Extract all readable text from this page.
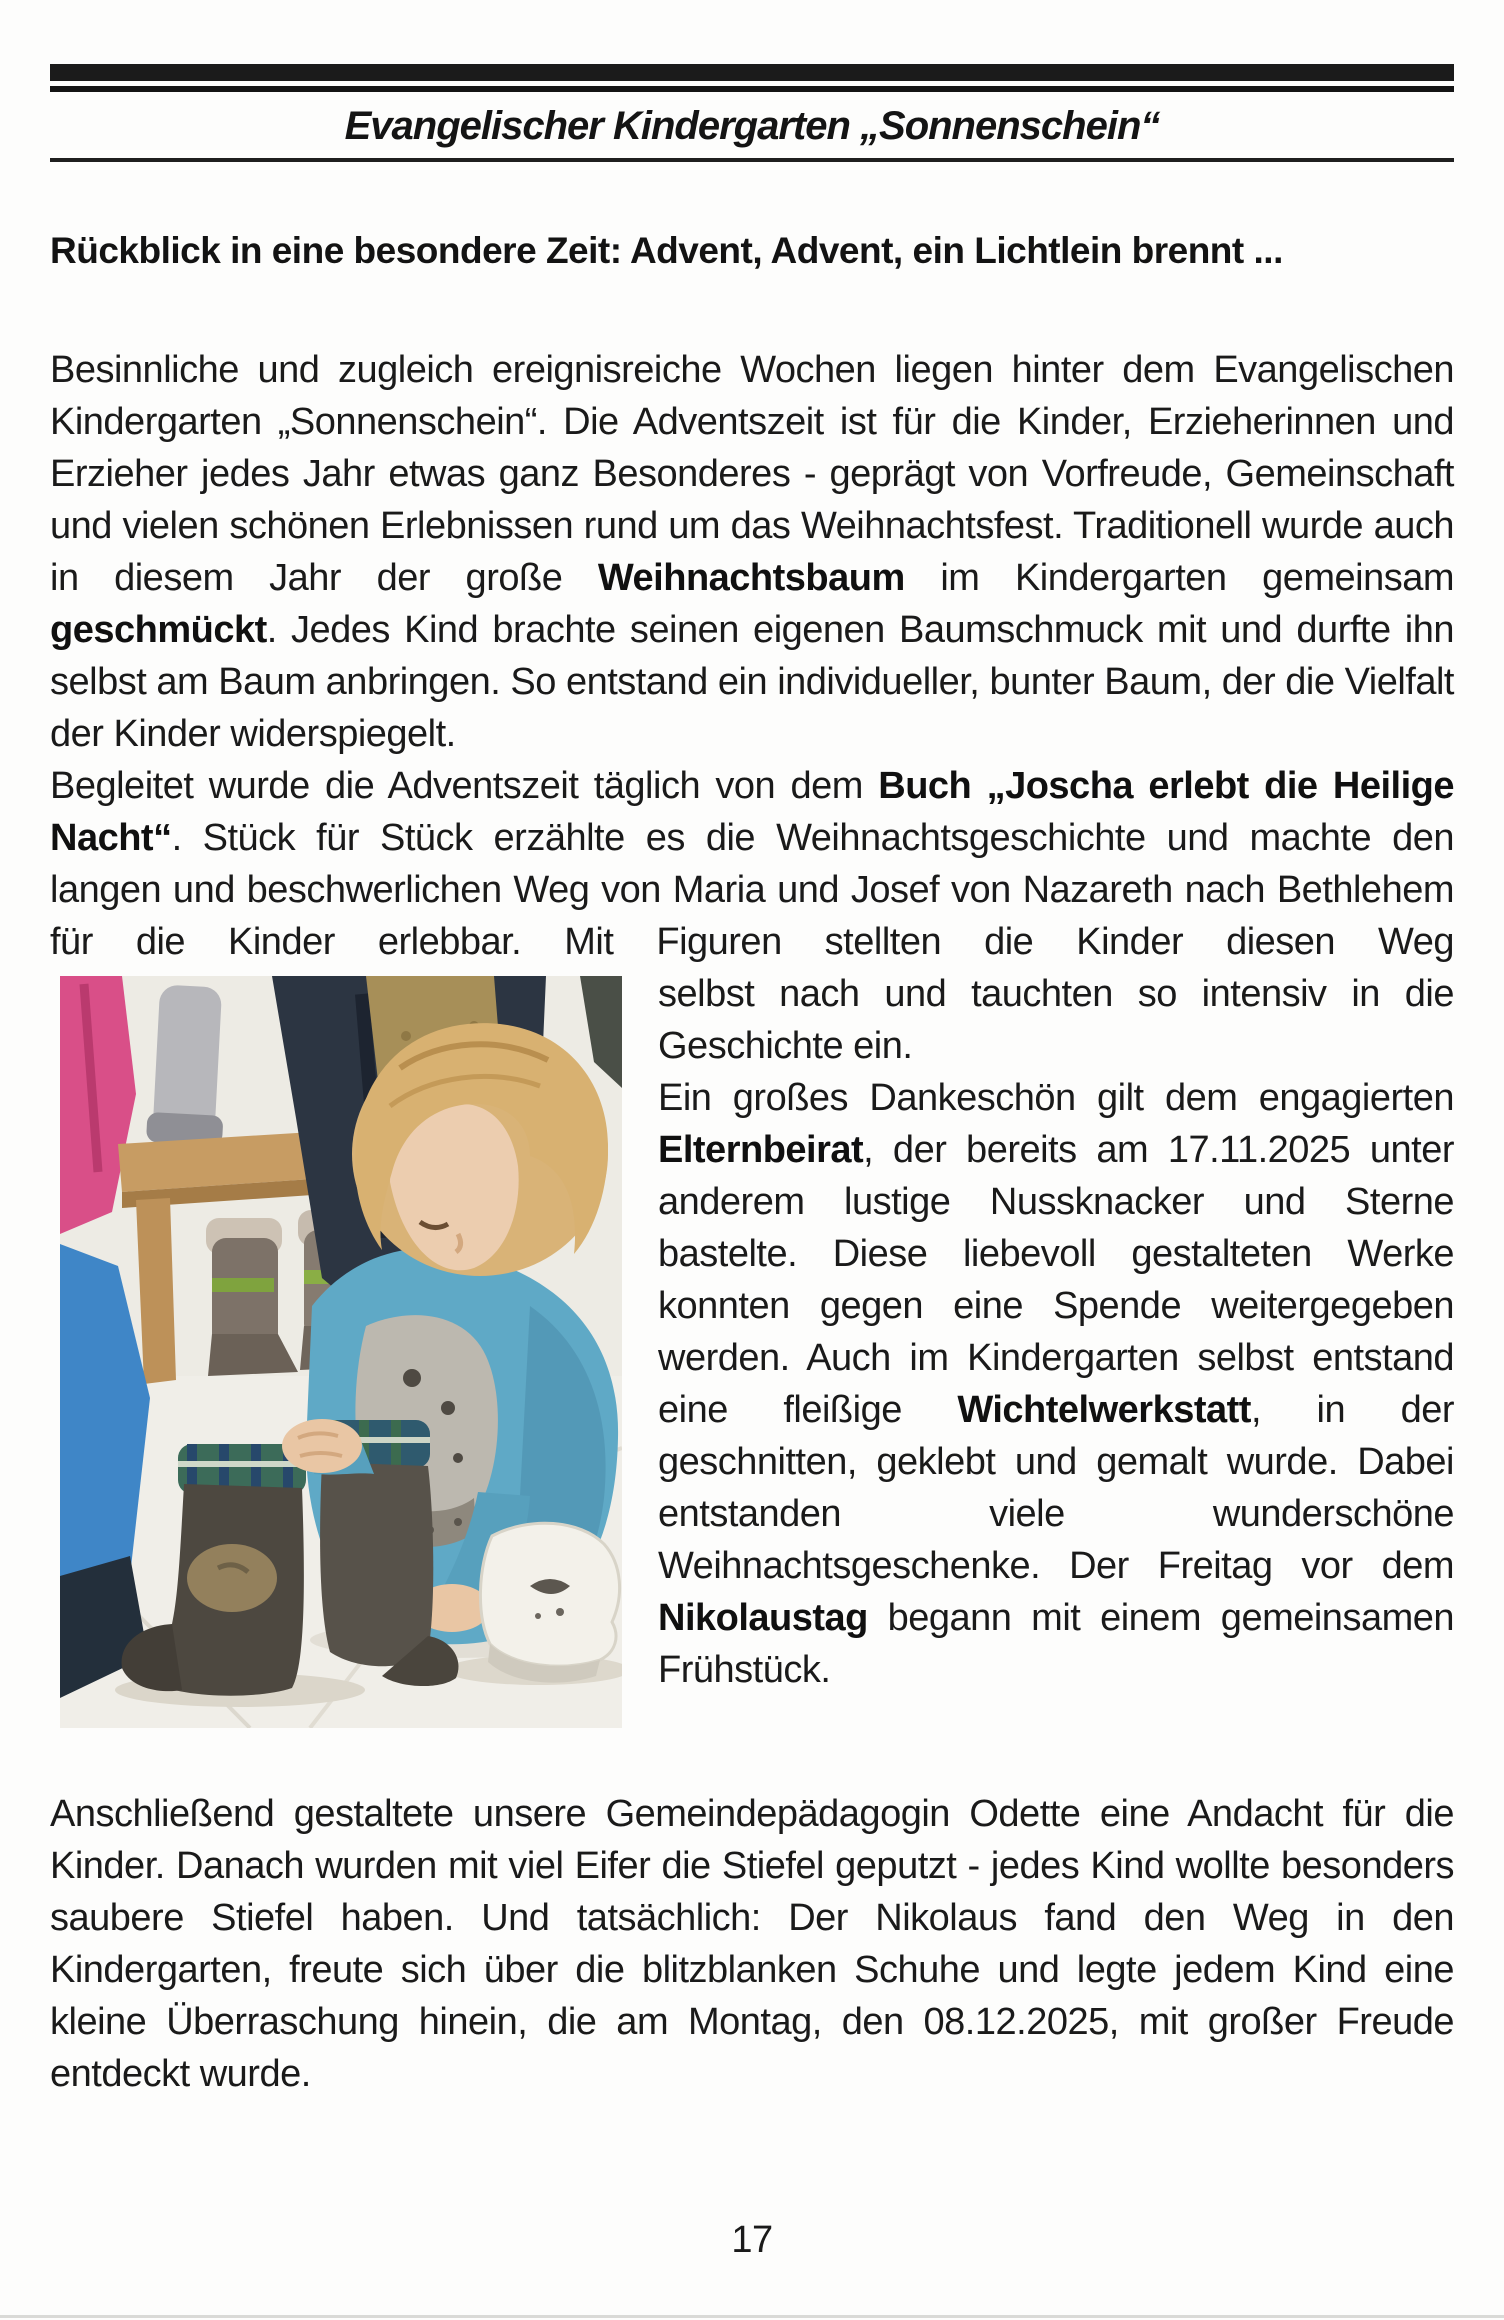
Evangelischer Kindergarten „Sonnenschein“
Rückblick in eine besondere Zeit: Advent, Advent, ein Lichtlein brennt ...

Besinnliche und zugleich ereignisreiche Wochen liegen hinter dem Evangelischen Kindergarten „Sonnenschein“. Die Adventszeit ist für die Kinder, Erzieherinnen und Erzieher jedes Jahr etwas ganz Besonderes - geprägt von Vorfreude, Gemeinschaft und vielen schönen Erlebnissen rund um das Weihnachtsfest. Traditionell wurde auch in diesem Jahr der große Weihnachtsbaum im Kindergarten gemeinsam geschmückt. Jedes Kind brachte seinen eigenen Baumschmuck mit und durfte ihn selbst am Baum anbringen. So entstand ein individueller, bunter Baum, der die Vielfalt der Kinder widerspiegelt.

Begleitet wurde die Adventszeit täglich von dem Buch „Joscha erlebt die Heilige Nacht“. Stück für Stück erzählte es die Weihnachtsgeschichte und machte den langen und beschwerlichen Weg von Maria und Josef von Nazareth nach Bethlehem für die Kinder erlebbar. Mit Figuren stellten die Kinder diesen Weg

selbst nach und tauchten so intensiv in die Geschichte ein.

Ein großes Dankeschön gilt dem engagierten Elternbeirat, der bereits am 17.11.2025 unter anderem lustige Nussknacker und Sterne bastelte. Diese liebevoll gestalteten Werke konnten gegen eine Spende weitergegeben werden. Auch im Kindergarten selbst entstand eine fleißige Wichtelwerkstatt, in der geschnitten, geklebt und gemalt wurde. Dabei entstanden viele wunderschöne Weihnachtsgeschenke. Der Freitag vor dem Nikolaustag begann mit einem gemeinsamen Frühstück.

Anschließend gestaltete unsere Gemeindepädagogin Odette eine Andacht für die Kinder. Danach wurden mit viel Eifer die Stiefel geputzt - jedes Kind wollte besonders saubere Stiefel haben. Und tatsächlich: Der Nikolaus fand den Weg in den Kindergarten, freute sich über die blitzblanken Schuhe und legte jedem Kind eine kleine Überraschung hinein, die am Montag, den 08.12.2025, mit großer Freude entdeckt wurde.

17
